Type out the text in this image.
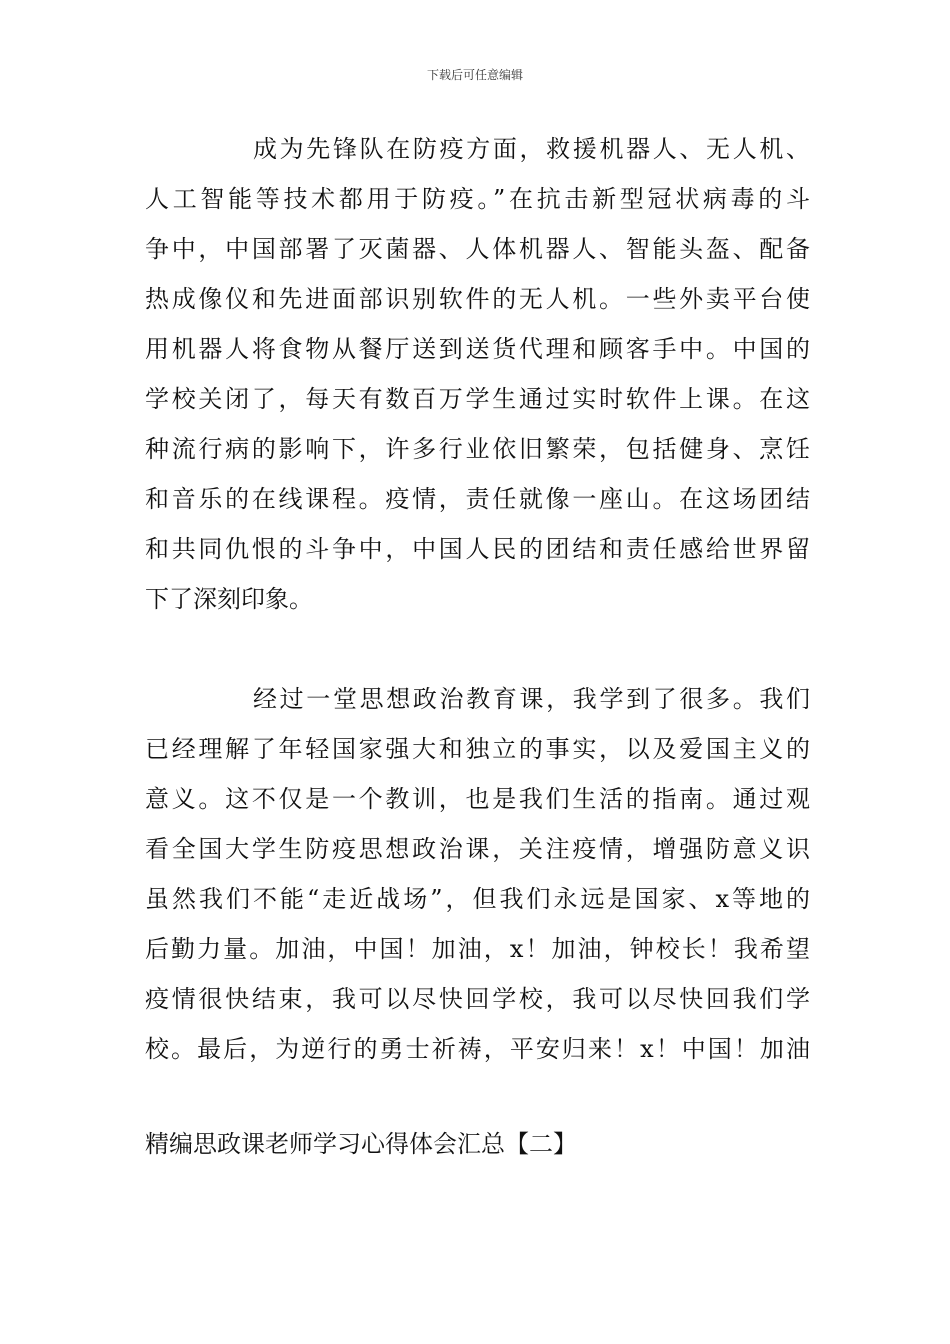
下载后可任意编辑
成为先锋队在防疫方面，救援机器人、无人机、
人工智能等技术都用于防疫。”在抗击新型冠状病毒的斗
争中，中国部署了灭菌器、人体机器人、智能头盔、配备
热成像仪和先进面部识别软件的无人机。一些外卖平台使
用机器人将食物从餐厅送到送货代理和顾客手中。中国的
学校关闭了，每天有数百万学生通过实时软件上课。在这
种流行病的影响下，许多行业依旧繁荣，包括健身、烹饪
和音乐的在线课程。疫情，责任就像一座山。在这场团结
和共同仇恨的斗争中，中国人民的团结和责任感给世界留
下了深刻印象。
经过一堂思想政治教育课，我学到了很多。我们
已经理解了年轻国家强大和独立的事实，以及爱国主义的
意义。这不仅是一个教训，也是我们生活的指南。通过观
看全国大学生防疫思想政治课，关注疫情，增强防意义识
虽然我们不能“走近战场”，但我们永远是国家、x等地的
后勤力量。加油，中国！加油，x！加油，钟校长！我希望
疫情很快结束，我可以尽快回学校，我可以尽快回我们学
校。最后，为逆行的勇士祈祷，平安归来！x！中国！加油
精编思政课老师学习心得体会汇总【二】
